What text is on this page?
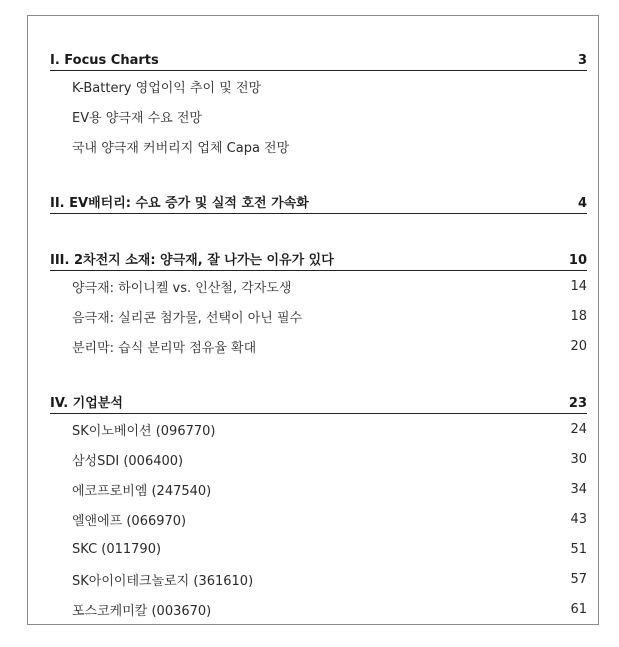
I. Focus Charts	3
K-Battery 영업이익 추이 및 전망
EV용 양극재 수요 전망
국내 양극재 커버리지 업체 Capa 전망
II. EV배터리: 수요 증가 및 실적 호전 가속화	4
III. 2차전지 소재: 양극재, 잘 나가는 이유가 있다	10
양극재: 하이니켈 vs. 인산철, 각자도생	14
음극재: 실리콘 첨가물, 선택이 아닌 필수	18
분리막: 습식 분리막 점유율 확대	20
IV. 기업분석	23
SK이노베이션 (096770)	24
삼성SDI (006400)	30
에코프로비엠 (247540)	34
엘앤에프 (066970)	43
SKC (011790)	51
SK아이이테크놀로지 (361610)	57
포스코케미칼 (003670)	61
